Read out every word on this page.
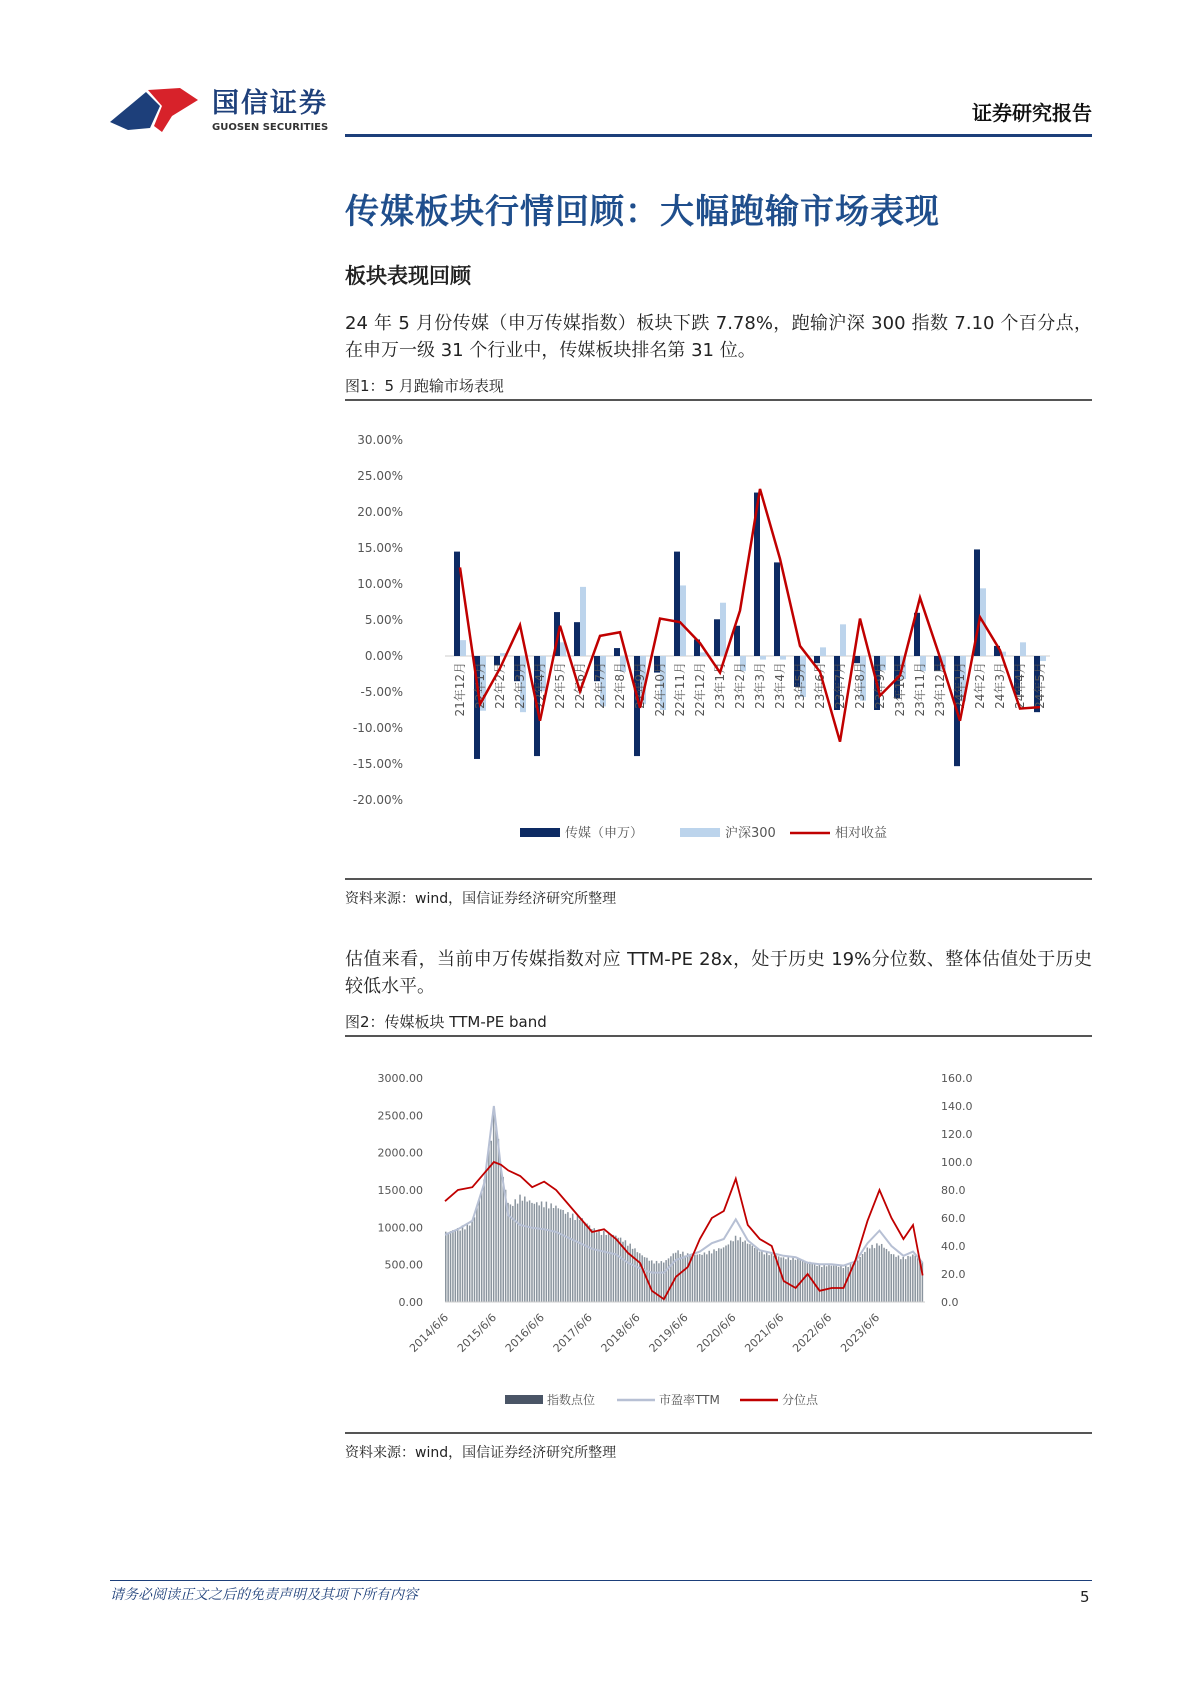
国信证券
GUOSEN SECURITIES
证券研究报告
传媒板块行情回顾：大幅跑输市场表现
板块表现回顾
24 年 5 月份传媒（申万传媒指数）板块下跌 7.78%，跑输沪深 300 指数 7.10 个百分点，在申万一级 31 个行业中，传媒板块排名第 31 位。
图1：5 月跑输市场表现
30.00%
25.00%
20.00%
15.00%
10.00%
5.00%
0.00%
-5.00%
-10.00%
-15.00%
-20.00%
21年12月 22年1月 22年2月 22年3月 22年4月 22年5月 22年6月 22年7月 22年8月 22年9月 22年10月 22年11月 22年12月 23年1月 23年2月 23年3月 23年4月 23年5月 23年6月 23年7月 23年8月 23年9月 23年10月 23年11月 23年12月 24年1月 24年2月 24年3月 24年4月 24年5月
传媒（申万）	沪深300	相对收益
资料来源：wind，国信证券经济研究所整理
估值来看，当前申万传媒指数对应 TTM-PE 28x，处于历史 19%分位数、整体估值处于历史较低水平。
图2：传媒板块 TTM-PE band
3000.00
2500.00
2000.00
1500.00
1000.00
500.00
0.00
160.0
140.0
120.0
100.0
80.0
60.0
40.0
20.0
0.0
2014/6/6 2015/6/6 2016/6/6 2017/6/6 2018/6/6 2019/6/6 2020/6/6 2021/6/6 2022/6/6 2023/6/6
指数点位	市盈率TTM	分位点
资料来源：wind，国信证券经济研究所整理
请务必阅读正文之后的免责声明及其项下所有内容	5
